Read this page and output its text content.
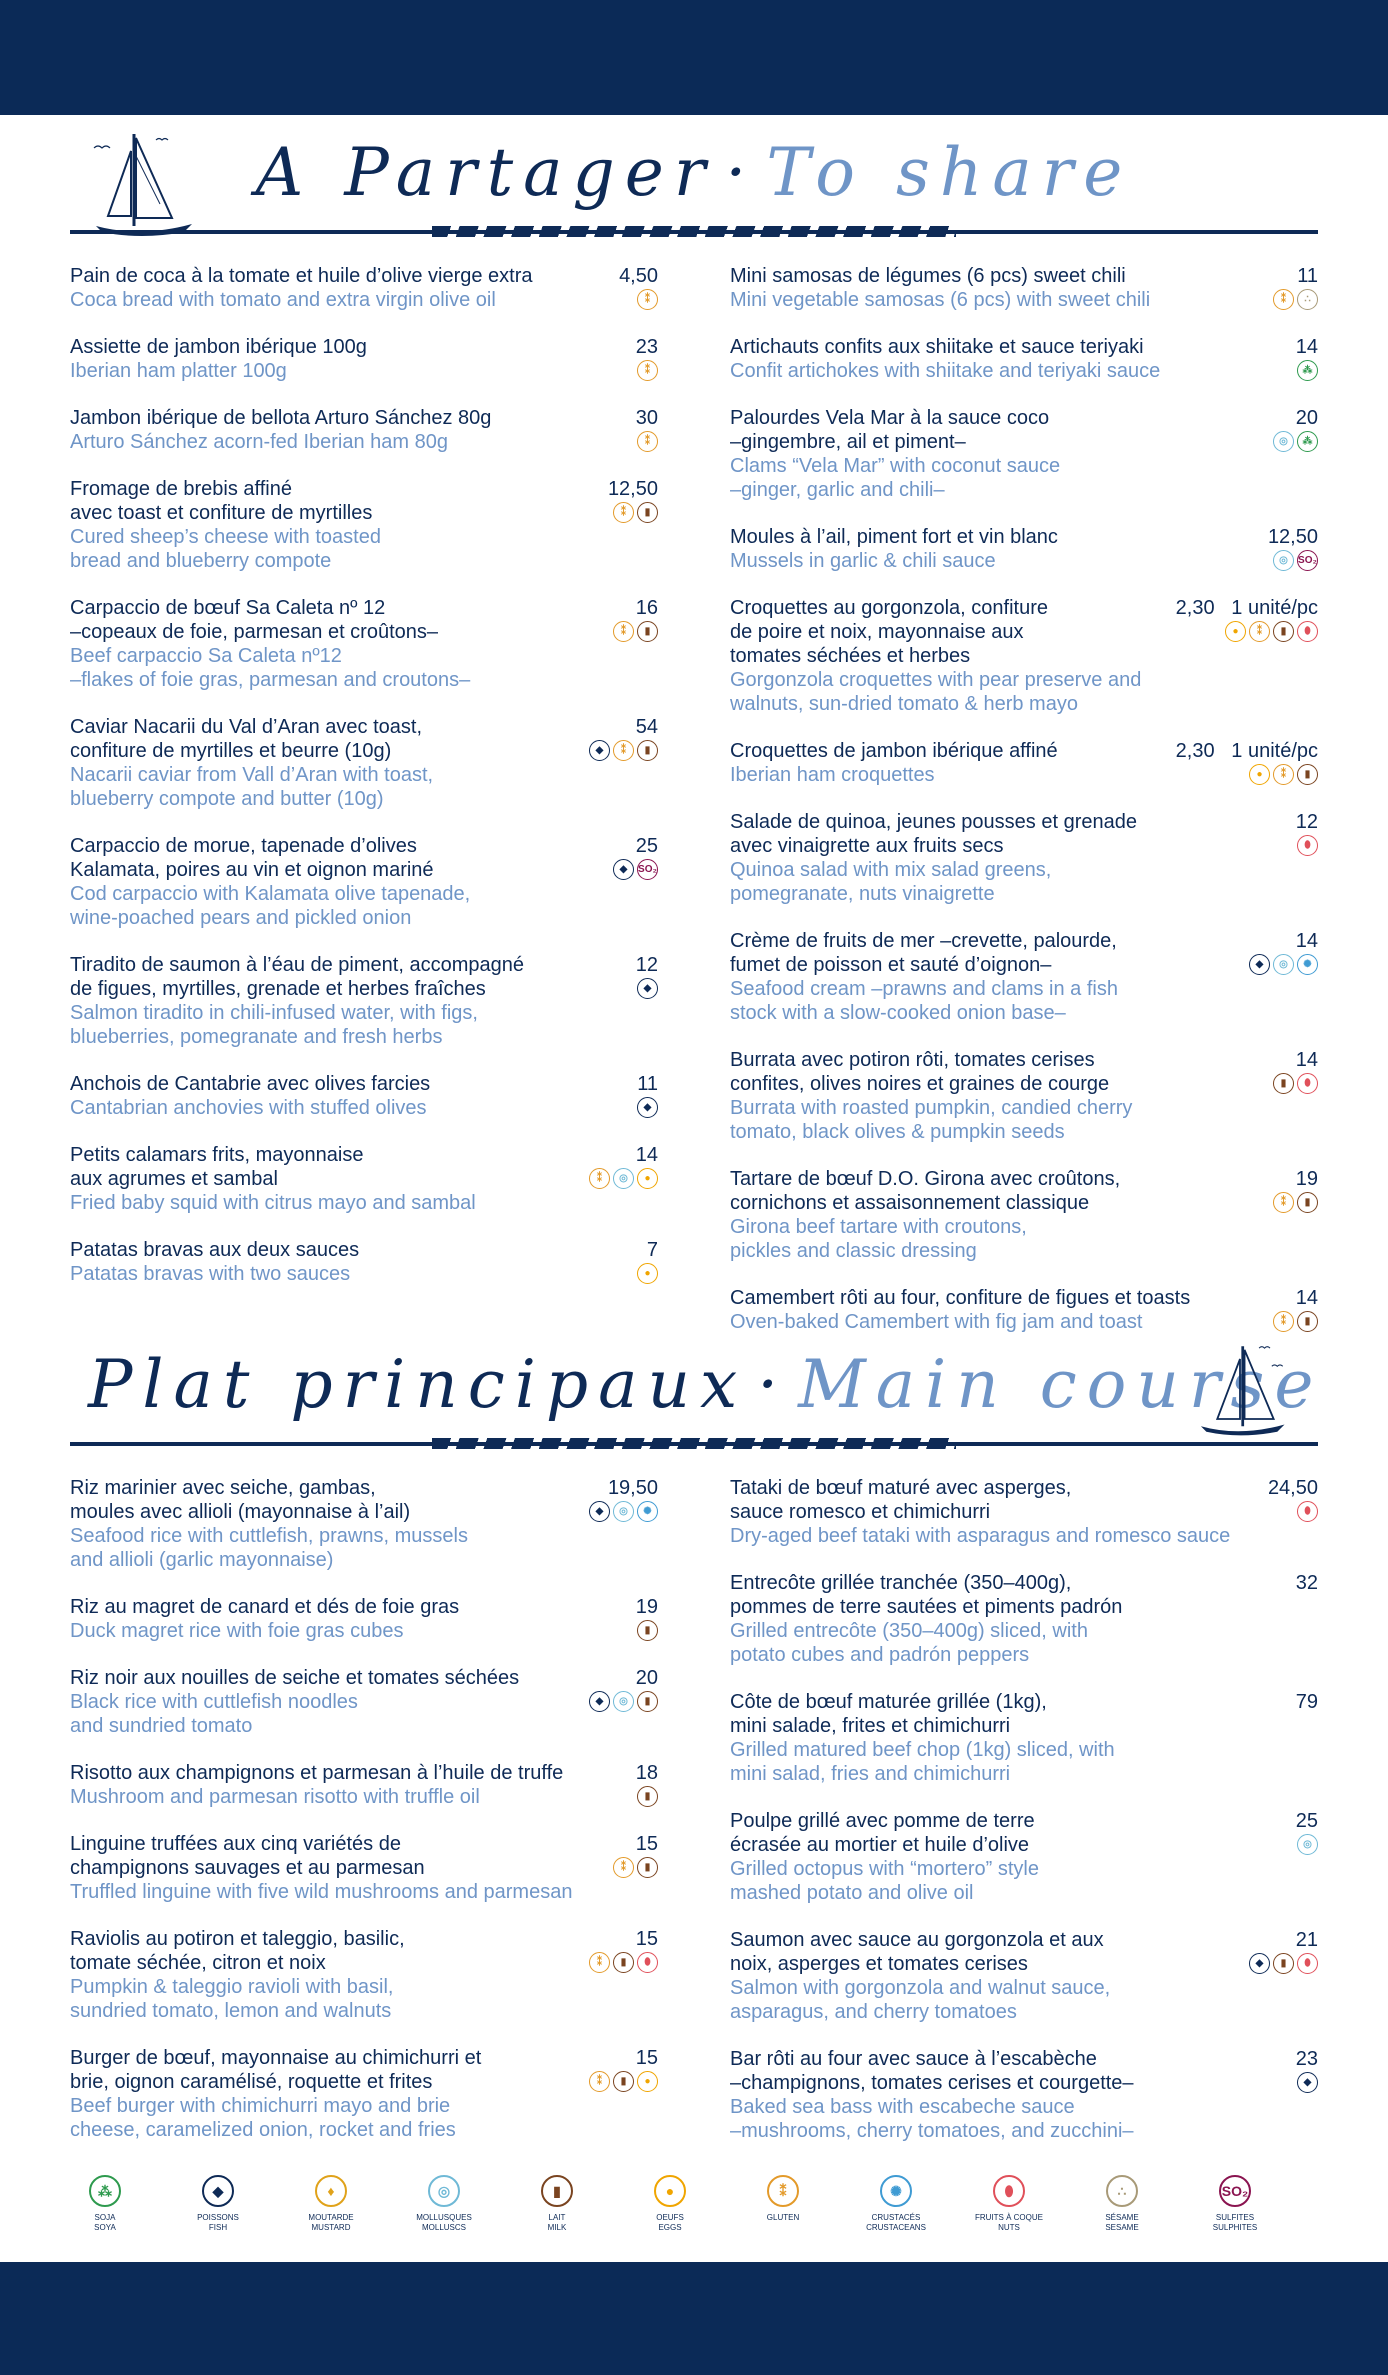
A Partager · To share
Pain de coca à la tomate et huile d’olive vierge extra
Coca bread with tomato and extra virgin olive oil
4,50
⁑
Assiette de jambon ibérique 100g
Iberian ham platter 100g
23
⁑
Jambon ibérique de bellota Arturo Sánchez 80g
Arturo Sánchez acorn-fed Iberian ham 80g
30
⁑
Fromage de brebis affiné
avec toast et confiture de myrtilles
Cured sheep’s cheese with toasted
bread and blueberry compote
12,50
⁑	▮
Carpaccio de bœuf Sa Caleta nº 12
–copeaux de foie, parmesan et croûtons–
Beef carpaccio Sa Caleta nº12
–flakes of foie gras, parmesan and croutons–
16
⁑	▮
Caviar Nacarii du Val d’Aran avec toast,
confiture de myrtilles et beurre (10g)
Nacarii caviar from Vall d’Aran with toast,
blueberry compote and butter (10g)
54
◆	⁑	▮
Carpaccio de morue, tapenade d’olives
Kalamata, poires au vin et oignon mariné
Cod carpaccio with Kalamata olive tapenade,
wine-poached pears and pickled onion
25
◆	SO₂
Tiradito de saumon à l’éau de piment, accompagné
de figues, myrtilles, grenade et herbes fraîches
Salmon tiradito in chili-infused water, with figs,
blueberries, pomegranate and fresh herbs
12
◆
Anchois de Cantabrie avec olives farcies
Cantabrian anchovies with stuffed olives
11
◆
Petits calamars frits, mayonnaise
aux agrumes et sambal
Fried baby squid with citrus mayo and sambal
14
⁑	◎	●
Patatas bravas aux deux sauces
Patatas bravas with two sauces
7
●
Mini samosas de légumes (6 pcs) sweet chili
Mini vegetable samosas (6 pcs) with sweet chili
11
⁑	∴
Artichauts confits aux shiitake et sauce teriyaki
Confit artichokes with shiitake and teriyaki sauce
14
⁂
Palourdes Vela Mar à la sauce coco
–gingembre, ail et piment–
Clams “Vela Mar” with coconut sauce
–ginger, garlic and chili–
20
◎	⁂
Moules à l’ail, piment fort et vin blanc
Mussels in garlic & chili sauce
12,50
◎	SO₂
Croquettes au gorgonzola, confiture
de poire et noix, mayonnaise aux
tomates séchées et herbes
Gorgonzola croquettes with pear preserve and
walnuts, sun-dried tomato & herb mayo
2,30   1 unité/pc
●	⁑	▮	⬮
Croquettes de jambon ibérique affiné
Iberian ham croquettes
2,30   1 unité/pc
●	⁑	▮
Salade de quinoa, jeunes pousses et grenade
avec vinaigrette aux fruits secs
Quinoa salad with mix salad greens,
pomegranate, nuts vinaigrette
12
⬮
Crème de fruits de mer –crevette, palourde,
fumet de poisson et sauté d’oignon–
Seafood cream –prawns and clams in a fish
stock with a slow-cooked onion base–
14
◆	◎	✺
Burrata avec potiron rôti, tomates cerises
confites, olives noires et graines de courge
Burrata with roasted pumpkin, candied cherry
tomato, black olives & pumpkin seeds
14
▮	⬮
Tartare de bœuf D.O. Girona avec croûtons,
cornichons et assaisonnement classique
Girona beef tartare with croutons,
pickles and classic dressing
19
⁑	▮
Camembert rôti au four, confiture de figues et toasts
Oven-baked Camembert with fig jam and toast
14
⁑	▮
Plat principaux · Main course
Riz marinier avec seiche, gambas,
moules avec allioli (mayonnaise à l’ail)
Seafood rice with cuttlefish, prawns, mussels
and allioli (garlic mayonnaise)
19,50
◆	◎	✺
Riz au magret de canard et dés de foie gras
Duck magret rice with foie gras cubes
19
▮
Riz noir aux nouilles de seiche et tomates séchées
Black rice with cuttlefish noodles
and sundried tomato
20
◆	◎	▮
Risotto aux champignons et parmesan à l’huile de truffe
Mushroom and parmesan risotto with truffle oil
18
▮
Linguine truffées aux cinq variétés de
champignons sauvages et au parmesan
Truffled linguine with five wild mushrooms and parmesan
15
⁑	▮
Raviolis au potiron et taleggio, basilic,
tomate séchée, citron et noix
Pumpkin & taleggio ravioli with basil,
sundried tomato, lemon and walnuts
15
⁑	▮	⬮
Burger de bœuf, mayonnaise au chimichurri et
brie, oignon caramélisé, roquette et frites
Beef burger with chimichurri mayo and brie
cheese, caramelized onion, rocket and fries
15
⁑	▮	●
Tataki de bœuf maturé avec asperges,
sauce romesco et chimichurri
Dry-aged beef tataki with asparagus and romesco sauce
24,50
⬮
Entrecôte grillée tranchée (350–400g),
pommes de terre sautées et piments padrón
Grilled entrecôte (350–400g) sliced, with
potato cubes and padrón peppers
32
Côte de bœuf maturée grillée (1kg),
mini salade, frites et chimichurri
Grilled matured beef chop (1kg) sliced, with
mini salad, fries and chimichurri
79
Poulpe grillé avec pomme de terre
écrasée au mortier et huile d’olive
Grilled octopus with “mortero” style
mashed potato and olive oil
25
◎
Saumon avec sauce au gorgonzola et aux
noix, asperges et tomates cerises
Salmon with gorgonzola and walnut sauce,
asparagus, and cherry tomatoes
21
◆	▮	⬮
Bar rôti au four avec sauce à l’escabèche
–champignons, tomates cerises et courgette–
Baked sea bass with escabeche sauce
–mushrooms, cherry tomatoes, and zucchini–
23
◆
⁂
SOJA
SOYA
◆
POISSONS
FISH
♦
MOUTARDE
MUSTARD
◎
MOLLUSQUES
MOLLUSCS
▮
LAIT
MILK
●
OEUFS
EGGS
⁑
GLUTEN
✺
CRUSTACÉS
CRUSTACEANS
⬮
FRUITS À COQUE
NUTS
∴
SÉSAME
SESAME
SO₂
SULFITES
SULPHITES
